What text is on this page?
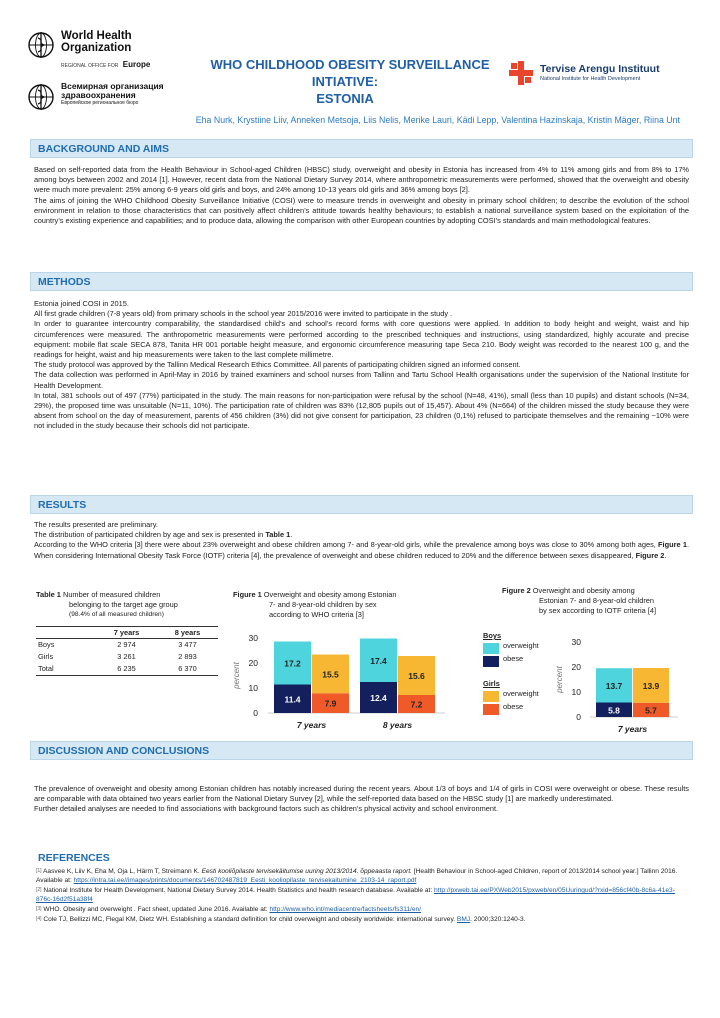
World Health
Organization
REGIONAL OFFICE FOR Europe
Всемирная организация
здравоохранения
Европейское региональное бюро
WHO CHILDHOOD OBESITY SURVEILLANCE
INTIATIVE:
ESTONIA
Eha Nurk, Krystiine Liiv, Anneken Metsoja, Liis Nelis, Merike Lauri, Kädi Lepp, Valentina Hazinskaja, Kristin Mäger, Riina Unt
Tervise Arengu Instituut
National Institute for Health Development
BACKGROUND AND AIMS

Based on self-reported data from the Health Behaviour in School-aged Children (HBSC) study, overweight and obesity in Estonia has increased from 4% to 11% among girls and from 8% to 17% among boys between 2002 and 2014 [1]. However, recent data from the National Dietary Survey 2014, where anthropometric measurements were performed, showed that the overweight and obesity were much more prevalent: 25% among 6-9 years old girls and boys, and 24% among 10-13 years old girls and 36% among boys [2].

The aims of joining the WHO Childhood Obesity Surveillance Initiative (COSI) were to measure trends in overweight and obesity in primary school children; to describe the evolution of the school environment in relation to those characteristics that can positively affect children’s attitude towards healthy behaviours; to establish a national surveillance system based on the exploitation of the country’s existing experience and capabilities; and to produce data, allowing the comparison with other European countries by adopting COSI’s standards and main methodological features.

METHODS

Estonia joined COSI in 2015.

All first grade children (7-8 years old) from primary schools in the school year 2015/2016 were invited to participate in the study .

In order to guarantee intercountry comparability, the standardised child’s and school’s record forms with core questions were applied. In addition to body height and weight, waist and hip circumferences were measured. The anthropometric measurements were performed according to the prescribed techniques and instructions, using standardized, highly accurate and precise equipment: mobile flat scale SECA 878, Tanita HR 001 portable height measure, and ergonomic circumference measuring tape Seca 210. Body weight was recorded to the nearest 100 g, and the readings for height, waist and hip measurements were taken to the last complete millimetre.

The study protocol was approved by the Tallinn Medical Research Ethics Committee. All parents of participating children signed an informed consent.

The data collection was performed in April-May in 2016 by trained examiners and school nurses from Tallinn and Tartu School Health organisations under the supervision of the National Institute for Health Development.

In total, 381 schools out of 497 (77%) participated in the study. The main reasons for non-participation were refusal by the school (N=48, 41%), small (less than 10 pupils) and distant schools (N=34, 29%), the proposed time was unsuitable (N=11, 10%). The participation rate of children was 83% (12,805 pupils out of 15,457). About 4% (N=664) of the children missed the study because they were absent from school on the day of measurement, parents of 456 children (3%) did not give consent for participation, 23 children (0,1%) refused to participate themselves and the remaining ~10% were not included in the study because their schools did not participate.

RESULTS

The results presented are preliminary.

The distribution of participated children by age and sex is presented in Table 1.

According to the WHO criteria [3] there were about 23% overweight and obese children among 7- and 8-year-old girls, while the prevalence among boys was close to 30% among both ages, Figure 1. When considering International Obesity Task Force (IOTF) criteria [4], the prevalence of overweight and obese children reduced to 20% and the difference between sexes disappeared, Figure 2.

Table 1 Number of measured children
belonging to the target age group
(98.4% of all measured children)
	7 years	8 years
Boys	2 974	3 477
Girls	3 261	2 893
Total	6 235	6 370
Figure 1 Overweight and obesity among Estonian
7- and 8-year-old children by sex
according to WHO criteria [3]
0
10
20
30
percent
11.4
17.2
7.9
15.5
7 years
12.4
17.4
7.2
15.6
8 years
Boys
overweight
obese
Girls
overweight
obese
Figure 2 Overweight and obesity among
Estonian 7- and 8-year-old children
by sex according to IOTF criteria [4]
0
10
20
30
percent
5.8
13.7
5.7
13.9
7 years
DISCUSSION AND CONCLUSIONS

The prevalence of overweight and obesity among Estonian children has notably increased during the recent years. About 1/3 of boys and 1/4 of girls in COSI were overweight or obese. These results are comparable with data obtained two years earlier from the National Dietary Survey [2], while the self-reported data based on the HBSC study [1] are markedly underestimated.

Further detailed analyses are needed to find associations with background factors such as children’s physical activity and school environment.

REFERENCES
[1] Aasvee K, Liiv K, Eha M, Oja L, Härm T, Streimann K. Eesti kooliõpilaste tervisekäitumise uuring 2013/2014. õppeaasta raport. [Health Behaviour in School-aged Children, report of 2013/2014 school year.] Tallinn 2016. Available at: https://intra.tai.ee//images/prints/documents/146702487819_Eesti_kooliopilaste_tervisekaitumine_2103-14_raport.pdf
[2] National Institute for Health Development. National Dietary Survey 2014. Health Statistics and health research database. Available at: http://pxweb.tai.ee/PXWeb2015/pxweb/en/05Uuringud/?rxid=856cf40b-8c6a-41e3-876c-16d2f51a38f4
[3] WHO. Obesity and overweight . Fact sheet, updated June 2016. Available at: http://www.who.int/mediacentre/factsheets/fs311/en/
[4] Cole TJ, Bellizzi MC, Flegal KM, Dietz WH. Establishing a standard definition for child overweight and obesity worldwide: international survey. BMJ. 2000;320:1240-3.
